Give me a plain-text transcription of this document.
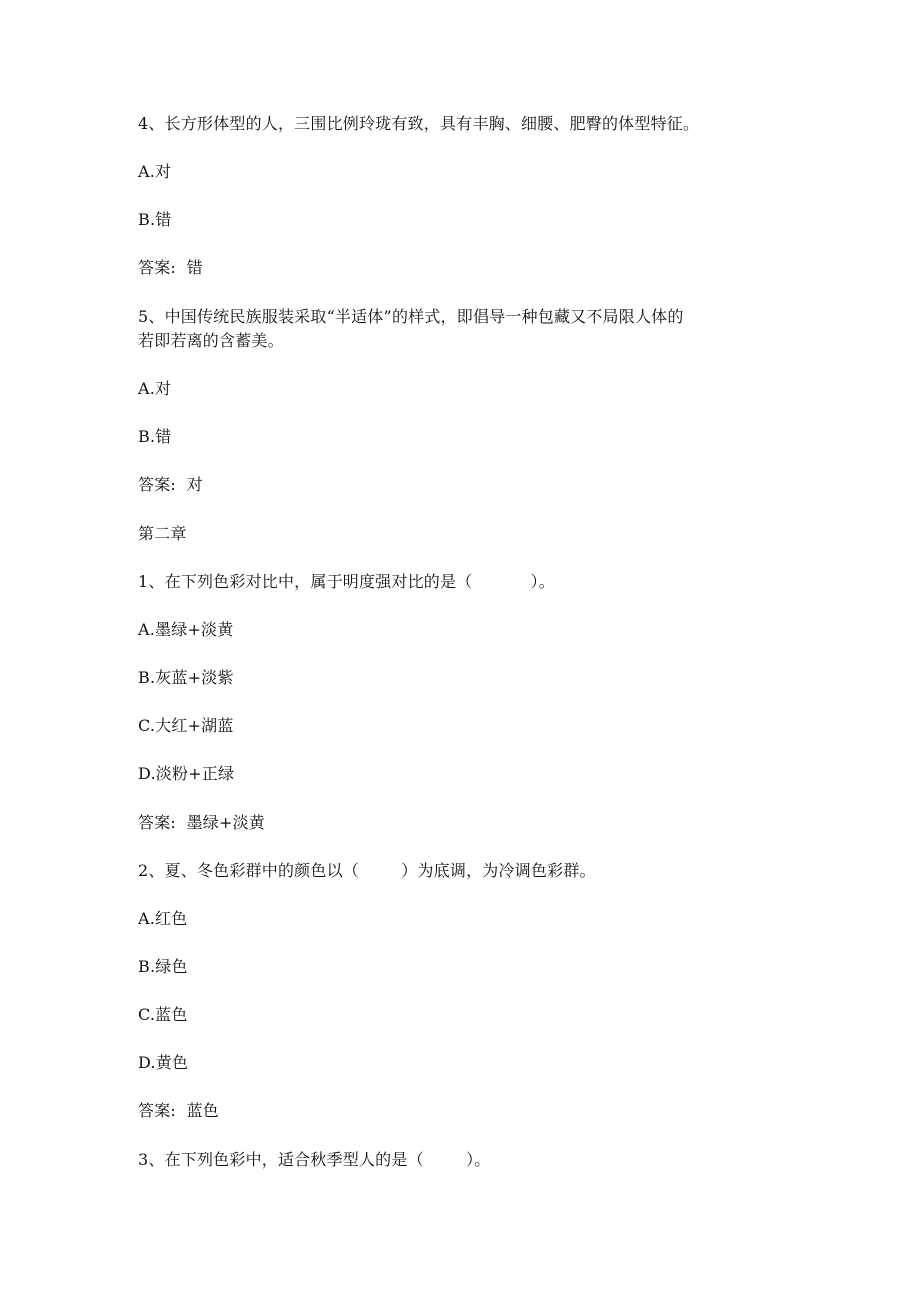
4、长方形体型的人，三围比例玲珑有致，具有丰胸、细腰、肥臀的体型特征。

A.对

B.错

答案:  错

5、中国传统民族服装采取“半适体”的样式，即倡导一种包藏又不局限人体的

若即若离的含蓄美。

A.对

B.错

答案:  对

第二章

1、在下列色彩对比中，属于明度强对比的是（           ）。

A.墨绿+淡黄

B.灰蓝+淡紫

C.大红+湖蓝

D.淡粉+正绿

答案:  墨绿+淡黄

2、夏、冬色彩群中的颜色以（        ）为底调，为冷调色彩群。

A.红色

B.绿色

C.蓝色

D.黄色

答案:  蓝色

3、在下列色彩中，适合秋季型人的是（        ）。
